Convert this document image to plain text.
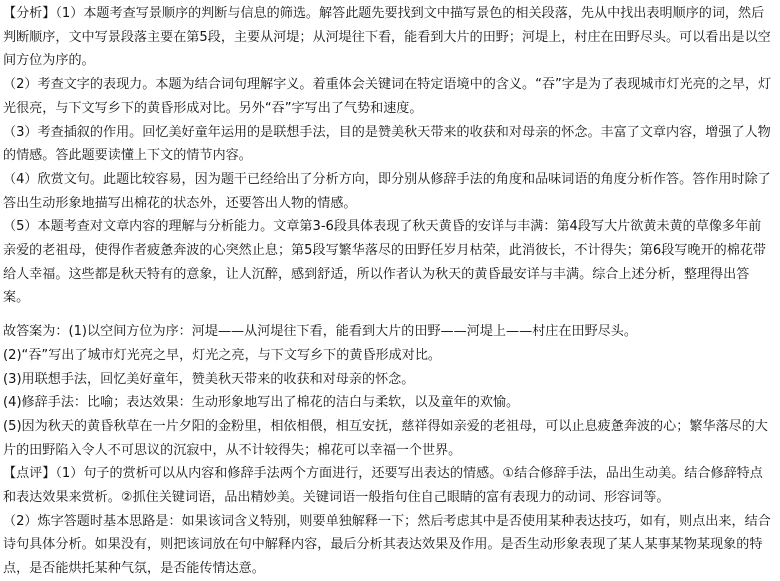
【分析】（1）本题考查写景顺序的判断与信息的筛选。解答此题先要找到文中描写景色的相关段落，先从中找出表明顺序的词，然后判断顺序，文中写景段落主要在第5段，主要从河堤；从河堤往下看，能看到大片的田野；河堤上，村庄在田野尽头。可以看出是以空间方位为序的。

（2）考查文字的表现力。本题为结合词句理解字义。着重体会关键词在特定语境中的含义。“吞”字是为了表现城市灯光亮的之早，灯光很亮，与下文写乡下的黄昏形成对比。另外“吞”字写出了气势和速度。

（3）考查插叙的作用。回忆美好童年运用的是联想手法，目的是赞美秋天带来的收获和对母亲的怀念。丰富了文章内容，增强了人物的情感。答此题要读懂上下文的情节内容。

（4）欣赏文句。此题比较容易，因为题干已经给出了分析方向，即分别从修辞手法的角度和品味词语的角度分析作答。答作用时除了答出生动形象地描写出棉花的状态外，还要答出人物的情感。

（5）本题考查对文章内容的理解与分析能力。文章第3-6段具体表现了秋天黄昏的安详与丰满：第4段写大片欲黄未黄的草像多年前亲爱的老祖母，使得作者疲惫奔波的心突然止息；第5段写繁华落尽的田野任岁月枯荣，此消彼长，不计得失；第6段写晚开的棉花带给人幸福。这些都是秋天特有的意象，让人沉醉，感到舒适，所以作者认为秋天的黄昏最安详与丰满。综合上述分析，整理得出答案。

故答案为：(1)以空间方位为序：河堤——从河堤往下看，能看到大片的田野——河堤上——村庄在田野尽头。

(2)“吞”写出了城市灯光亮之早，灯光之亮，与下文写乡下的黄昏形成对比。

(3)用联想手法，回忆美好童年，赞美秋天带来的收获和对母亲的怀念。

(4)修辞手法：比喻；表达效果：生动形象地写出了棉花的洁白与柔软，以及童年的欢愉。

(5)因为秋天的黄昏秋草在一片夕阳的金粉里，相依相偎，相互安抚，慈祥得如亲爱的老祖母，可以止息疲惫奔波的心；繁华落尽的大片的田野陷入令人不可思议的沉寂中，从不计较得失；棉花可以幸福一个世界。

【点评】（1）句子的赏析可以从内容和修辞手法两个方面进行，还要写出表达的情感。①结合修辞手法，品出生动美。结合修辞特点和表达效果来赏析。②抓住关键词语，品出精妙美。关键词语一般指句住自己眼睛的富有表现力的动词、形容词等。

（2）炼字答题时基本思路是：如果该词含义特别，则要单独解释一下；然后考虑其中是否使用某种表达技巧，如有，则点出来，结合诗句具体分析。如果没有，则把该词放在句中解释内容，最后分析其表达效果及作用。是否生动形象表现了某人某事某物某现象的特点，是否能烘托某种气氛，是否能传情达意。
